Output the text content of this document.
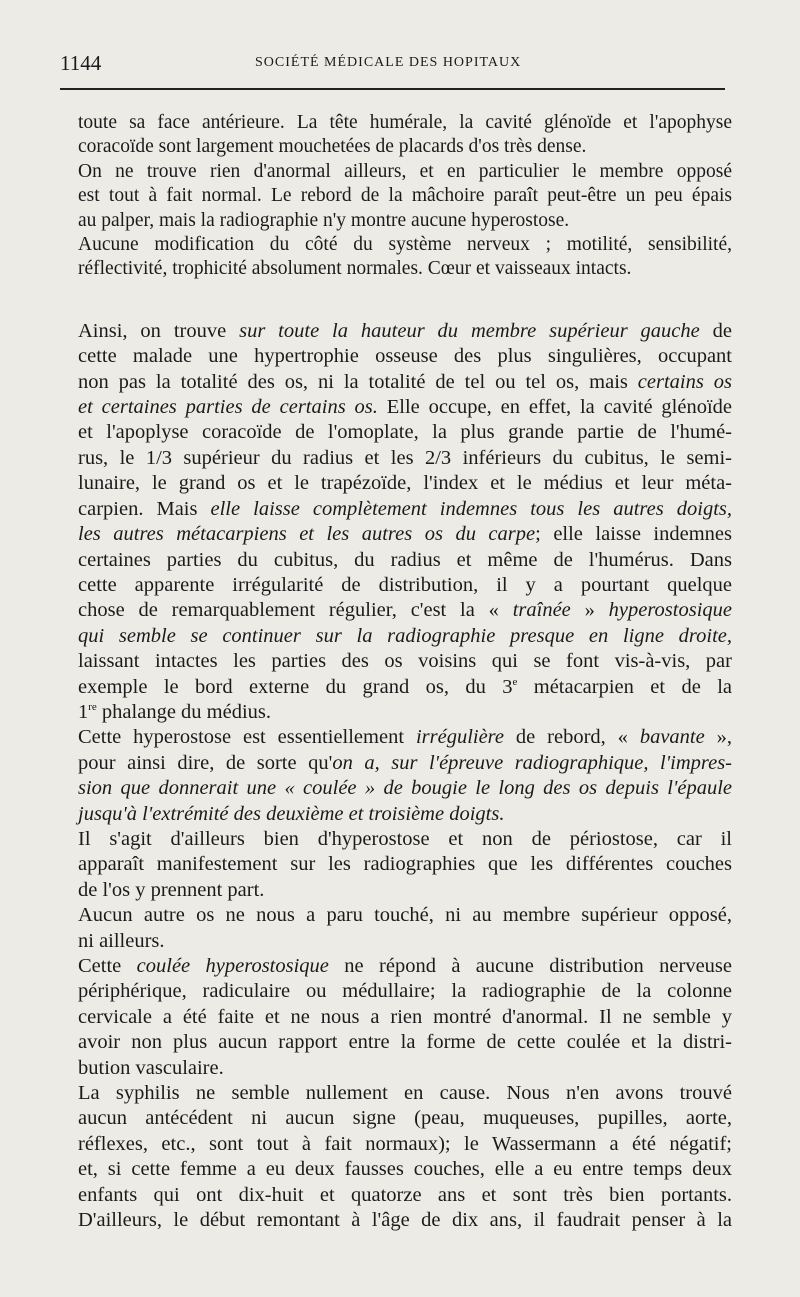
1144	SOCIÉTÉ MÉDICALE DES HOPITAUX

toute sa face antérieure. La tête humérale, la cavité glénoïde et l'apophyse
coracoïde sont largement mouchetées de placards d'os très dense.

On ne trouve rien d'anormal ailleurs, et en particulier le membre opposé
est tout à fait normal. Le rebord de la mâchoire paraît peut-être un peu épais
au palper, mais la radiographie n'y montre aucune hyperostose.

Aucune modification du côté du système nerveux ; motilité, sensibilité,
réflectivité, trophicité absolument normales. Cœur et vaisseaux intacts.

Ainsi, on trouve sur toute la hauteur du membre supérieur gauche de
cette malade une hypertrophie osseuse des plus singulières, occupant
non pas la totalité des os, ni la totalité de tel ou tel os, mais certains os
et certaines parties de certains os. Elle occupe, en effet, la cavité glénoïde
et l'apoplyse coracoïde de l'omoplate, la plus grande partie de l'humé-
rus, le 1/3 supérieur du radius et les 2/3 inférieurs du cubitus, le semi-
lunaire, le grand os et le trapézoïde, l'index et le médius et leur méta-
carpien. Mais elle laisse complètement indemnes tous les autres doigts,
les autres métacarpiens et les autres os du carpe; elle laisse indemnes
certaines parties du cubitus, du radius et même de l'humérus. Dans
cette apparente irrégularité de distribution, il y a pourtant quelque
chose de remarquablement régulier, c'est la « traînée » hyperostosique
qui semble se continuer sur la radiographie presque en ligne droite,
laissant intactes les parties des os voisins qui se font vis-à-vis, par
exemple le bord externe du grand os, du 3e métacarpien et de la
1re phalange du médius.

Cette hyperostose est essentiellement irrégulière de rebord, « bavante »,
pour ainsi dire, de sorte qu'on a, sur l'épreuve radiographique, l'impres-
sion que donnerait une « coulée » de bougie le long des os depuis l'épaule
jusqu'à l'extrémité des deuxième et troisième doigts.

Il s'agit d'ailleurs bien d'hyperostose et non de périostose, car il
apparaît manifestement sur les radiographies que les différentes couches
de l'os y prennent part.

Aucun autre os ne nous a paru touché, ni au membre supérieur opposé,
ni ailleurs.

Cette coulée hyperostosique ne répond à aucune distribution nerveuse
périphérique, radiculaire ou médullaire; la radiographie de la colonne
cervicale a été faite et ne nous a rien montré d'anormal. Il ne semble y
avoir non plus aucun rapport entre la forme de cette coulée et la distri-
bution vasculaire.

La syphilis ne semble nullement en cause. Nous n'en avons trouvé
aucun antécédent ni aucun signe (peau, muqueuses, pupilles, aorte,
réflexes, etc., sont tout à fait normaux); le Wassermann a été négatif;
et, si cette femme a eu deux fausses couches, elle a eu entre temps deux
enfants qui ont dix-huit et quatorze ans et sont très bien portants.
D'ailleurs, le début remontant à l'âge de dix ans, il faudrait penser à la
